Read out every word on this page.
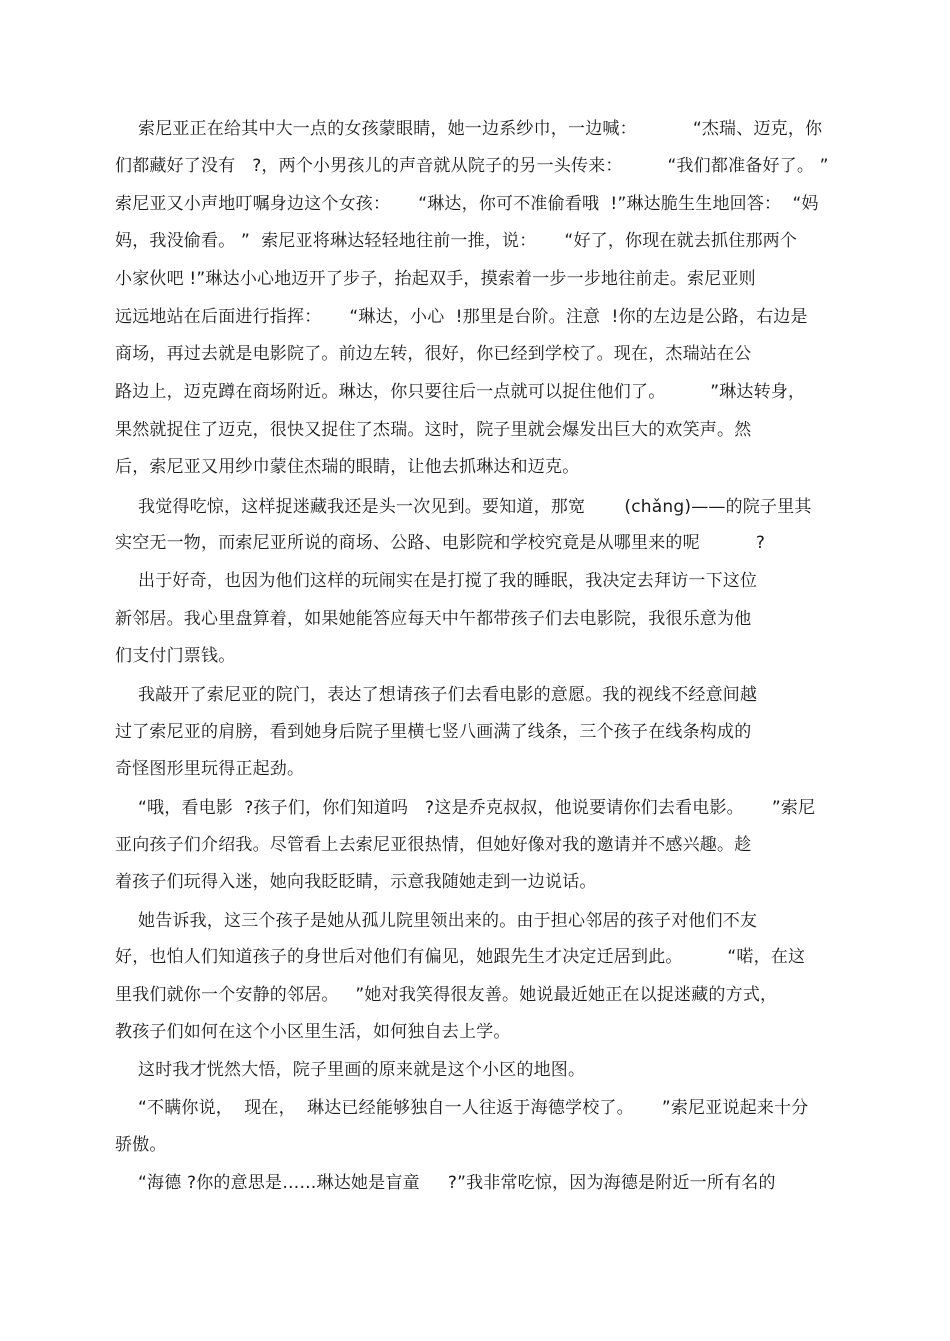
索尼亚正在给其中大一点的女孩蒙眼睛，她一边系纱巾，一边喊：          “杰瑞、迈克，你
们都藏好了没有   ?，两个小男孩儿的声音就从院子的另一头传来：        “我们都准备好了。 ”
索尼亚又小声地叮嘱身边这个女孩：     “琳达，你可不准偷看哦  !”琳达脆生生地回答：  “妈
妈，我没偷看。 ”  索尼亚将琳达轻轻地往前一推，说：     “好了，你现在就去抓住那两个
小家伙吧 !”琳达小心地迈开了步子，抬起双手，摸索着一步一步地往前走。索尼亚则
远远地站在后面进行指挥：     “琳达，小心  !那里是台阶。注意  !你的左边是公路，右边是
商场，再过去就是电影院了。前边左转，很好，你已经到学校了。现在，杰瑞站在公
路边上，迈克蹲在商场附近。琳达，你只要往后一点就可以捉住他们了。        ”琳达转身，
果然就捉住了迈克，很快又捉住了杰瑞。这时，院子里就会爆发出巨大的欢笑声。然
后，索尼亚又用纱巾蒙住杰瑞的眼睛，让他去抓琳达和迈克。
我觉得吃惊，这样捉迷藏我还是头一次见到。要知道，那宽       (chǎng)——的院子里其
实空无一物，而索尼亚所说的商场、公路、电影院和学校究竟是从哪里来的呢          ?
出于好奇，也因为他们这样的玩闹实在是打搅了我的睡眠，我决定去拜访一下这位
新邻居。我心里盘算着，如果她能答应每天中午都带孩子们去电影院，我很乐意为他
们支付门票钱。
我敲开了索尼亚的院门，表达了想请孩子们去看电影的意愿。我的视线不经意间越
过了索尼亚的肩膀，看到她身后院子里横七竖八画满了线条，三个孩子在线条构成的
奇怪图形里玩得正起劲。
“哦，看电影  ?孩子们，你们知道吗   ?这是乔克叔叔，他说要请你们去看电影。     ”索尼
亚向孩子们介绍我。尽管看上去索尼亚很热情，但她好像对我的邀请并不感兴趣。趁
着孩子们玩得入迷，她向我眨眨睛，示意我随她走到一边说话。
她告诉我，这三个孩子是她从孤儿院里领出来的。由于担心邻居的孩子对他们不友
好，也怕人们知道孩子的身世后对他们有偏见，她跟先生才决定迁居到此。        “喏，在这
里我们就你一个安静的邻居。   ”她对我笑得很友善。她说最近她正在以捉迷藏的方式，
教孩子们如何在这个小区里生活，如何独自去上学。
这时我才恍然大悟，院子里画的原来就是这个小区的地图。
“不瞒你说，  现在，  琳达已经能够独自一人往返于海德学校了。     ”索尼亚说起来十分
骄傲。
“海德 ?你的意思是……琳达她是盲童     ?”我非常吃惊，因为海德是附近一所有名的
